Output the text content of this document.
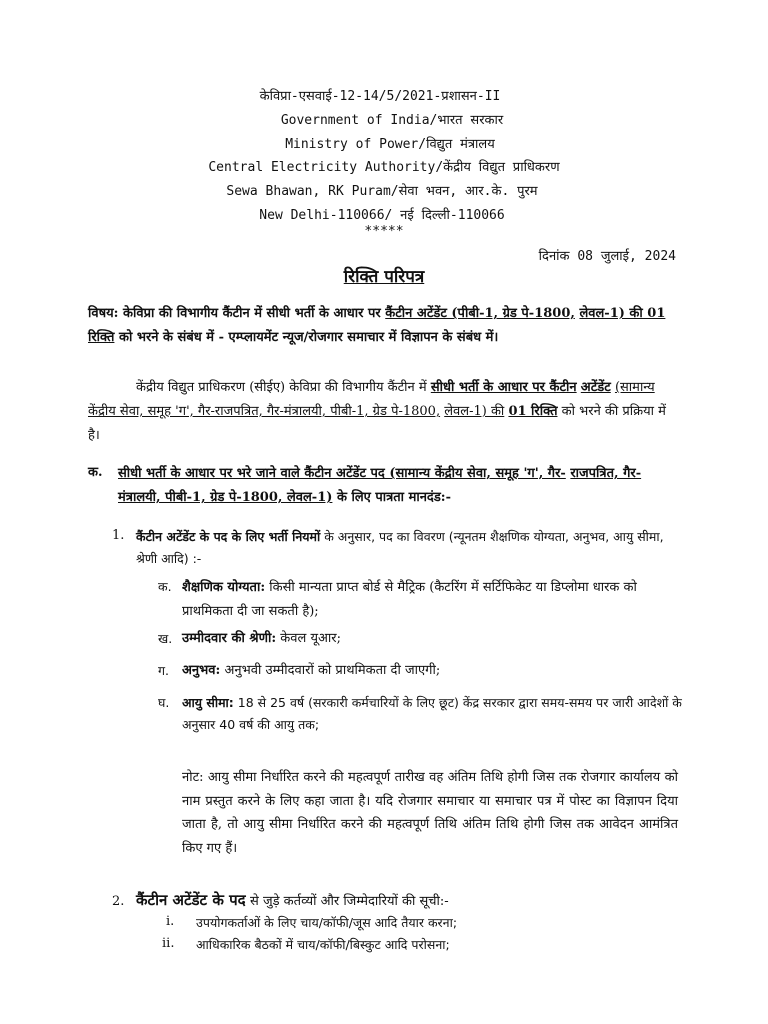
केविप्रा-एसवाई-12-14/5/2021-प्रशासन-II
Government of India/भारत सरकार
Ministry of Power/विद्युत मंत्रालय
Central Electricity Authority/केंद्रीय विद्युत प्राधिकरण
Sewa Bhawan, RK Puram/सेवा भवन, आर.के. पुरम
New Delhi-110066/ नई दिल्ली-110066
*****
दिनांक 08 जुलाई, 2024
रिक्ति परिपत्र
विषय: केविप्रा की विभागीय कैंटीन में सीधी भर्ती के आधार पर कैंटीन अटेंडेंट (पीबी-1, ग्रेड पे-1800, लेवल-1) की 01 रिक्ति को भरने के संबंध में - एम्प्लायमेंट न्यूज/रोजगार समाचार में विज्ञापन के संबंध में।
केंद्रीय विद्युत प्राधिकरण (सीईए) केविप्रा की विभागीय कैंटीन में सीधी भर्ती के आधार पर कैंटीन अटेंडेंट (सामान्य केंद्रीय सेवा, समूह 'ग', गैर-राजपत्रित, गैर-मंत्रालयी, पीबी-1, ग्रेड पे-1800, लेवल-1) की 01 रिक्ति को भरने की प्रक्रिया में है।
क. सीधी भर्ती के आधार पर भरे जाने वाले कैंटीन अटेंडेंट पद (सामान्य केंद्रीय सेवा, समूह 'ग', गैर- राजपत्रित, गैर-मंत्रालयी, पीबी-1, ग्रेड पे-1800, लेवल-1) के लिए पात्रता मानदंड:-
1. कैंटीन अटेंडेंट के पद के लिए भर्ती नियमों के अनुसार, पद का विवरण (न्यूनतम शैक्षणिक योग्यता, अनुभव, आयु सीमा, श्रेणी आदि) :-
क. शैक्षणिक योग्यता: किसी मान्यता प्राप्त बोर्ड से मैट्रिक (कैटरिंग में सर्टिफिकेट या डिप्लोमा धारक को प्राथमिकता दी जा सकती है);
ख. उम्मीदवार की श्रेणी: केवल यूआर;
ग. अनुभव: अनुभवी उम्मीदवारों को प्राथमिकता दी जाएगी;
घ. आयु सीमा: 18 से 25 वर्ष (सरकारी कर्मचारियों के लिए छूट) केंद्र सरकार द्वारा समय-समय पर जारी आदेशों के अनुसार 40 वर्ष की आयु तक;
नोट: आयु सीमा निर्धारित करने की महत्वपूर्ण तारीख वह अंतिम तिथि होगी जिस तक रोजगार कार्यालय को नाम प्रस्तुत करने के लिए कहा जाता है। यदि रोजगार समाचार या समाचार पत्र में पोस्ट का विज्ञापन दिया जाता है, तो आयु सीमा निर्धारित करने की महत्वपूर्ण तिथि अंतिम तिथि होगी जिस तक आवेदन आमंत्रित किए गए हैं।
2. कैंटीन अटेंडेंट के पद से जुड़े कर्तव्यों और जिम्मेदारियों की सूची:-
i. उपयोगकर्ताओं के लिए चाय/कॉफी/जूस आदि तैयार करना;
ii. आधिकारिक बैठकों में चाय/कॉफी/बिस्कुट आदि परोसना;
